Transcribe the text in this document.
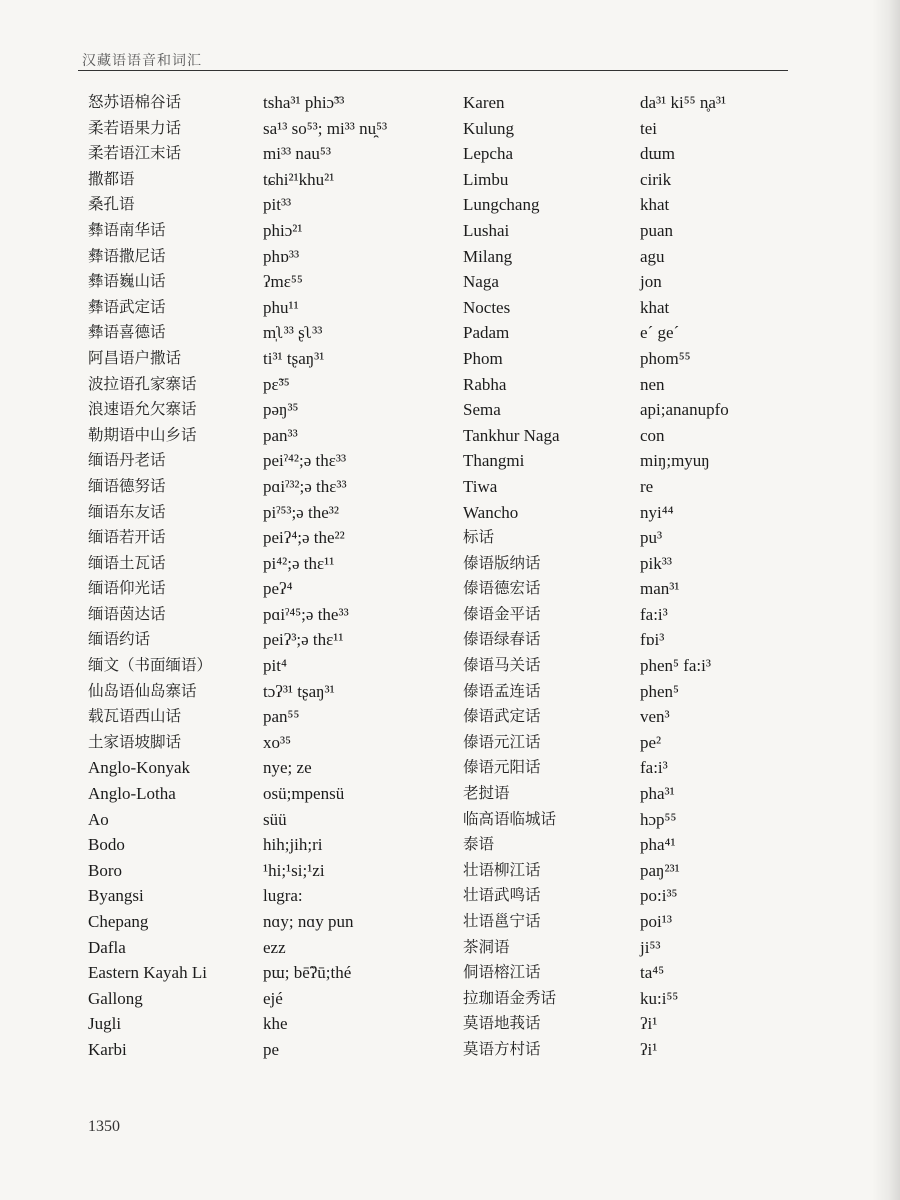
汉藏语语音和词汇
怒苏语棉谷话
柔若语果力话
柔若语江末话
撒都语
桑孔语
彝语南华话
彝语撒尼话
彝语巍山话
彝语武定话
彝语喜德话
阿昌语户撒话
波拉语孔家寨话
浪速语允欠寨话
勒期语中山乡话
缅语丹老话
缅语德努话
缅语东友话
缅语若开话
缅语土瓦话
缅语仰光话
缅语茵达话
缅语约话
缅文（书面缅语）
仙岛语仙岛寨话
载瓦语西山话
土家语坡脚话
Anglo-Konyak
Anglo-Lotha
Ao
Bodo
Boro
Byangsi
Chepang
Dafla
Eastern Kayah Li
Gallong
Jugli
Karbi
tsha³¹ phiɔ̃³³
sa¹³ so⁵³; mi³³ nu̯⁵³
mi³³ nau⁵³
tɕhi²¹khu²¹
pit³³
phiɔ²¹
phɒ³³
ʔmɛ⁵⁵
phu¹¹
m̩ʅ³³ ʂʅ³³
ti³¹ tʂaŋ³¹
pɛ̃³⁵
pəŋ³⁵
pan³³
peiˀ⁴²;ə thɛ³³
pɑiˀ³²;ə thɛ³³
piˀ⁵³;ə the³²
peiʔ⁴;ə the²²
pi⁴²;ə thɛ¹¹
peʔ⁴
pɑiˀ⁴⁵;ə the³³
peiʔ³;ə thɛ¹¹
pit⁴
tɔʔ³¹ tʂaŋ³¹
pan⁵⁵
xo³⁵
nye; ze
osü;mpensü
süü
hih;jih;ri
¹hi;¹si;¹zi
lugra:
nɑy; nɑy pun
ezz
pɯ; bē̃ʔū;thé
ejé
khe
pe
Karen
Kulung
Lepcha
Limbu
Lungchang
Lushai
Milang
Naga
Noctes
Padam
Phom
Rabha
Sema
Tankhur Naga
Thangmi
Tiwa
Wancho
标话
傣语版纳话
傣语德宏话
傣语金平话
傣语绿春话
傣语马关话
傣语孟连话
傣语武定话
傣语元江话
傣语元阳话
老挝语
临高语临城话
泰语
壮语柳江话
壮语武鸣话
壮语邕宁话
茶洞语
侗语榕江话
拉珈语金秀话
莫语地莪话
莫语方村话
da³¹ ki⁵⁵ n̥a³¹
tei
dɯm
cirik
khat
puan
agu
jon
khat
e´ ge´
phom⁵⁵
nen
api;ananupfo
con
miŋ;myuŋ
re
nyi⁴⁴
pu³
pik³³
man³¹
fa:i³
fɒi³
phen⁵ fa:i³
phen⁵
ven³
pe²
fa:i³
pha³¹
hɔp⁵⁵
pha⁴¹
paŋ²³¹
po:i³⁵
poi¹³
ji⁵³
ta⁴⁵
ku:i⁵⁵
ʔi¹
ʔi¹
1350
